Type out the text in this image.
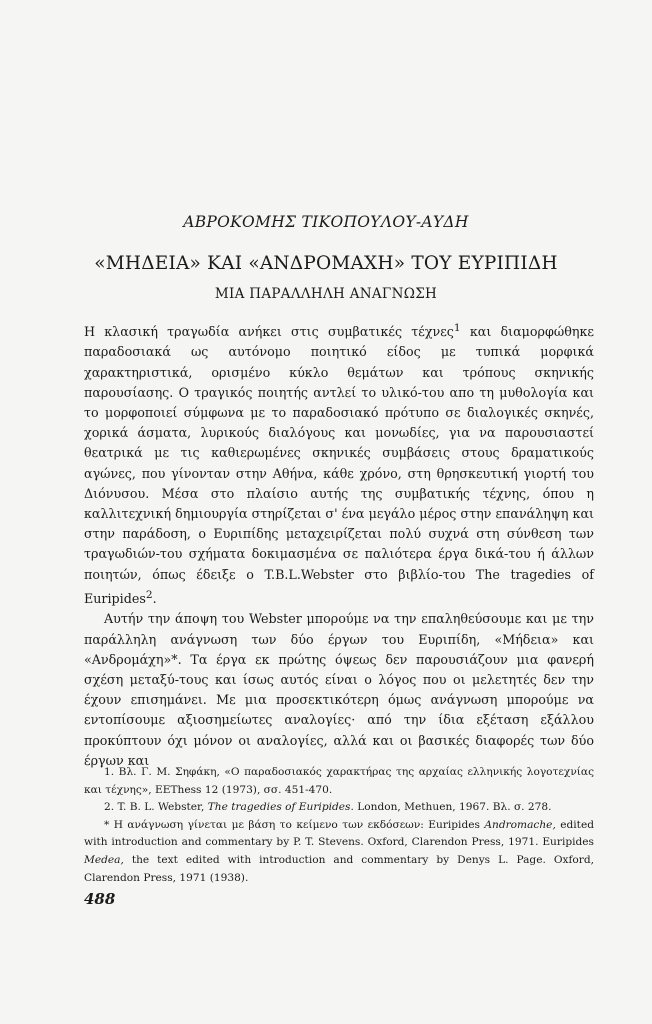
ΑΒΡΟΚΟΜΗΣ ΤΙΚΟΠΟΥΛΟΥ-ΑΥΔΗ
«ΜΗΔΕΙΑ» ΚΑΙ «ΑΝΔΡΟΜΑΧΗ» ΤΟΥ ΕΥΡΙΠΙΔΗ
ΜΙΑ ΠΑΡΑΛΛΗΛΗ ΑΝΑΓΝΩΣΗ

Η κλασική τραγωδία ανήκει στις συμβατικές τέχνες$^1$ και διαμορφώθηκε παραδοσιακά ως αυτόνομο ποιητικό είδος με τυπικά μορφικά χαρακτηριστικά, ορισμένο κύκλο θεμάτων και τρόπους σκηνικής παρουσίασης. Ο τραγικός ποιητής αντλεί το υλικό-του απο τη μυθολογία και το μορφοποιεί σύμφωνα με το παραδοσιακό πρότυπο σε διαλογικές σκηνές, χορικά άσματα, λυρικούς διαλόγους και μονωδίες, για να παρουσιαστεί θεατρικά με τις καθιερωμένες σκηνικές συμβάσεις στους δραματικούς αγώνες, που γίνονταν στην Αθήνα, κάθε χρόνο, στη θρησκευτική γιορτή του Διόνυσου. Μέσα στο πλαίσιο αυτής της συμβατικής τέχνης, όπου η καλλιτεχνική δημιουργία στηρίζεται σ' ένα μεγάλο μέρος στην επανάληψη και στην παράδοση, ο Ευριπίδης μεταχειρίζεται πολύ συχνά στη σύνθεση των τραγωδιών-του σχήματα δοκιμασμένα σε παλιότερα έργα δικά-του ή άλλων ποιητών, όπως έδειξε ο T.B.L.Webster στο βιβλίο-του The tragedies of Euripides$^2$.

Αυτήν την άποψη του Webster μπορούμε να την επαληθεύσουμε και με την παράλληλη ανάγνωση των δύο έργων του Ευριπίδη, «Μήδεια» και «Ανδρομάχη»*. Τα έργα εκ πρώτης όψεως δεν παρουσιάζουν μια φανερή σχέση μεταξύ-τους και ίσως αυτός είναι ο λόγος που οι μελετητές δεν την έχουν επισημάνει. Με μια προσεκτικότερη όμως ανάγνωση μπορούμε να εντοπίσουμε αξιοσημείωτες αναλογίες· από την ίδια εξέταση εξάλλου προκύπτουν όχι μόνον οι αναλογίες, αλλά και οι βασικές διαφορές των δύο έργων και

1. Βλ. Γ. Μ. Σηφάκη, «Ο παραδοσιακός χαρακτήρας της αρχαίας ελληνικής λογοτεχνίας και τέχνης», ΕΕΤhess 12 (1973), σσ. 451-470.

2. T. B. L. Webster, The tragedies of Euripides. London, Methuen, 1967. Βλ. σ. 278.

* Η ανάγνωση γίνεται με βάση το κείμενο των εκδόσεων: Euripides Andromache, edited with introduction and commentary by P. T. Stevens. Oxford, Clarendon Press, 1971. Euripides Medea, the text edited with introduction and commentary by Denys L. Page. Oxford, Clarendon Press, 1971 (1938).

488
